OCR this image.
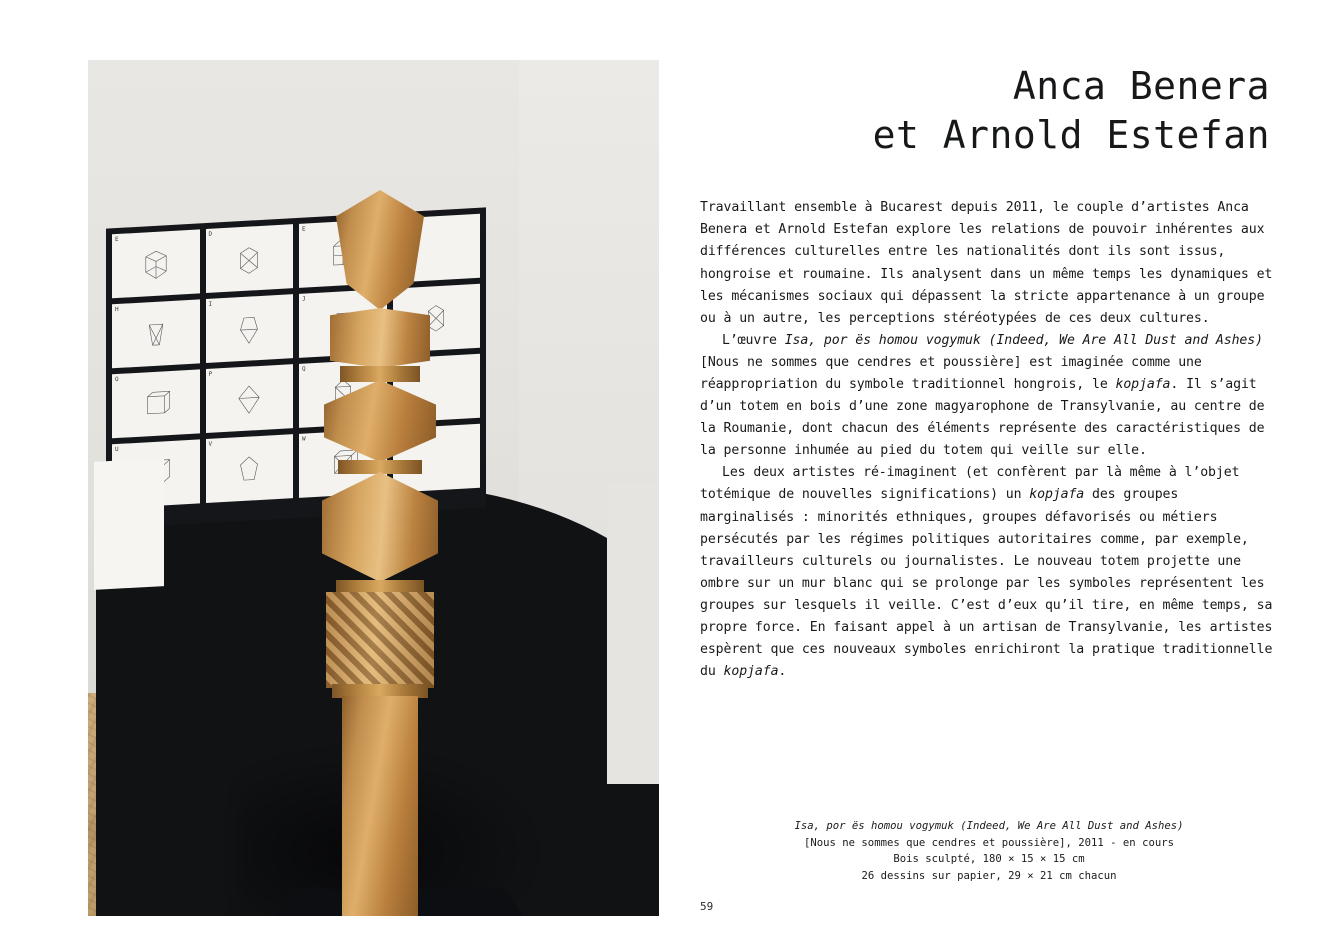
E
D
E
H
I
J
O
P
Q
U
V
W
Anca Benera
et Arnold Estefan

Travaillant ensemble à Bucarest depuis 2011, le couple d’artistes Anca Benera et Arnold Estefan explore les relations de pouvoir inhérentes aux différences culturelles entre les nationalités dont ils sont issus, hongroise et roumaine. Ils analysent dans un même temps les dynamiques et les mécanismes sociaux qui dépassent la stricte appartenance à un groupe ou à un autre, les perceptions stéréotypées de ces deux cultures.

L’œuvre Isa, por ës homou vogymuk (Indeed, We Are All Dust and Ashes) [Nous ne sommes que cendres et poussière] est imaginée comme une réappropriation du symbole traditionnel hongrois, le kopjafa. Il s’agit d’un totem en bois d’une zone magyarophone de Transylvanie, au centre de la Roumanie, dont chacun des éléments représente des caractéristiques de la personne inhumée au pied du totem qui veille sur elle.

Les deux artistes ré-imaginent (et confèrent par là même à l’objet totémique de nouvelles significations) un kopjafa des groupes marginalisés : minorités ethniques, groupes défavorisés ou métiers persécutés par les régimes politiques autoritaires comme, par exemple, travailleurs culturels ou journalistes. Le nouveau totem projette une ombre sur un mur blanc qui se prolonge par les symboles représentent les groupes sur lesquels il veille. C’est d’eux qu’il tire, en même temps, sa propre force. En faisant appel à un artisan de Transylvanie, les artistes espèrent que ces nouveaux symboles enrichiront la pratique traditionnelle du kopjafa.

Isa, por ës homou vogymuk (Indeed, We Are All Dust and Ashes)
[Nous ne sommes que cendres et poussière], 2011 - en cours
Bois sculpté, 180 × 15 × 15 cm
26 dessins sur papier, 29 × 21 cm chacun
59
